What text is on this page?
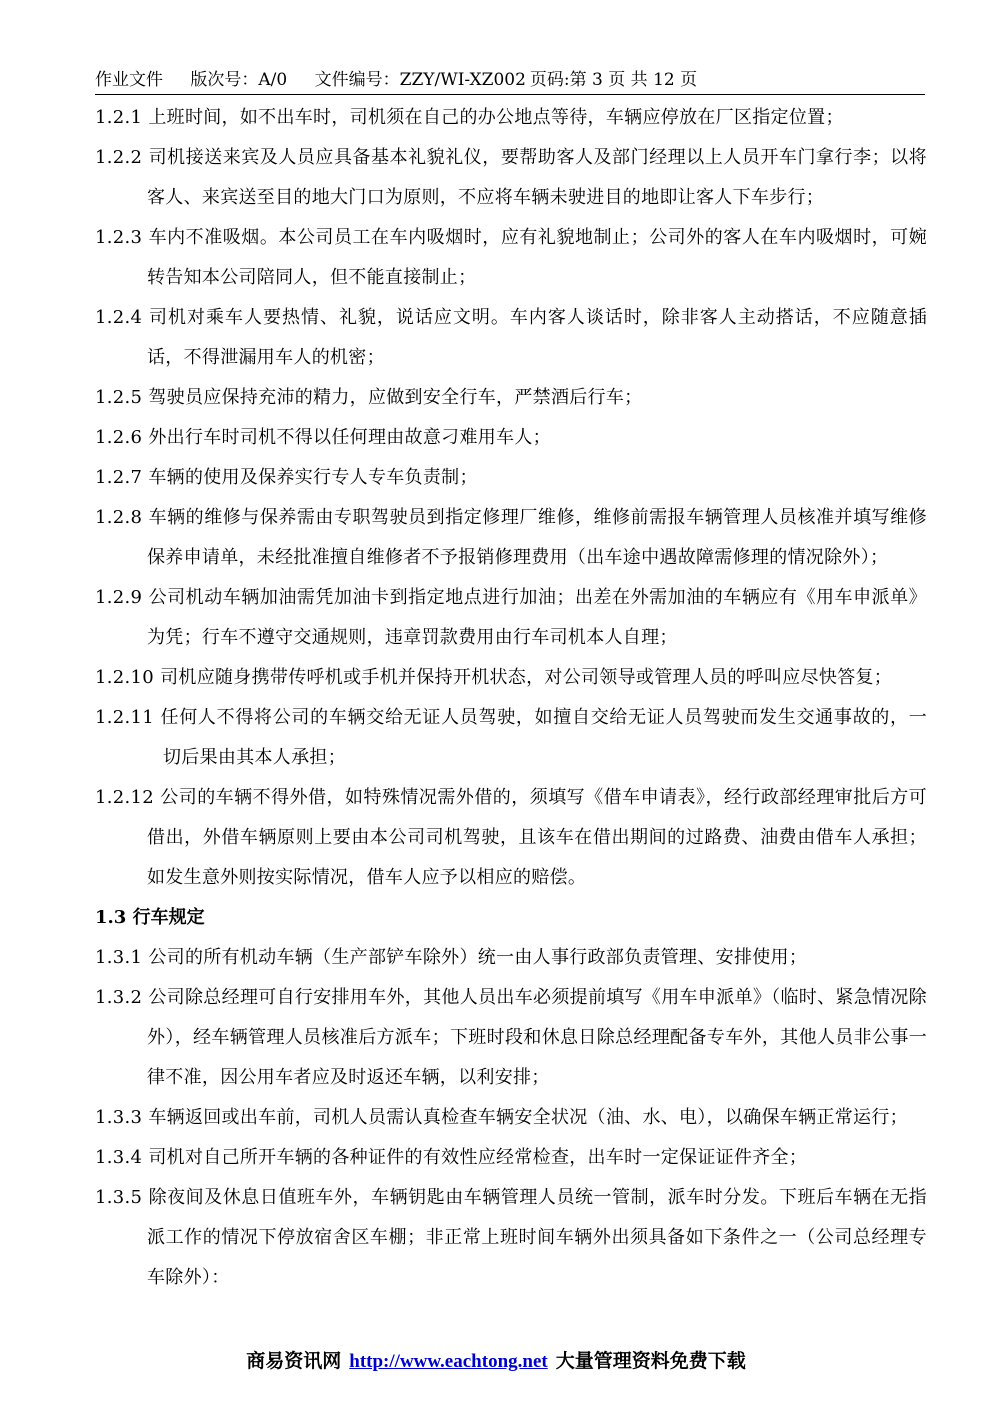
作业文件 版次号：A/0 文件编号：ZZY/WI-XZ002 页码:第 3 页 共 12 页
1.2.1 上班时间，如不出车时，司机须在自己的办公地点等待，车辆应停放在厂区指定位置；
1.2.2 司机接送来宾及人员应具备基本礼貌礼仪，要帮助客人及部门经理以上人员开车门拿行李；以将客人、来宾送至目的地大门口为原则，不应将车辆未驶进目的地即让客人下车步行；
1.2.3 车内不准吸烟。本公司员工在车内吸烟时，应有礼貌地制止；公司外的客人在车内吸烟时，可婉转告知本公司陪同人，但不能直接制止；
1.2.4 司机对乘车人要热情、礼貌，说话应文明。车内客人谈话时，除非客人主动搭话，不应随意插话，不得泄漏用车人的机密；
1.2.5 驾驶员应保持充沛的精力，应做到安全行车，严禁酒后行车；
1.2.6 外出行车时司机不得以任何理由故意刁难用车人；
1.2.7 车辆的使用及保养实行专人专车负责制；
1.2.8 车辆的维修与保养需由专职驾驶员到指定修理厂维修，维修前需报车辆管理人员核准并填写维修保养申请单，未经批准擅自维修者不予报销修理费用（出车途中遇故障需修理的情况除外）；
1.2.9 公司机动车辆加油需凭加油卡到指定地点进行加油；出差在外需加油的车辆应有《用车申派单》为凭；行车不遵守交通规则，违章罚款费用由行车司机本人自理；
1.2.10 司机应随身携带传呼机或手机并保持开机状态，对公司领导或管理人员的呼叫应尽快答复；
1.2.11 任何人不得将公司的车辆交给无证人员驾驶，如擅自交给无证人员驾驶而发生交通事故的，一切后果由其本人承担；
1.2.12 公司的车辆不得外借，如特殊情况需外借的，须填写《借车申请表》，经行政部经理审批后方可借出，外借车辆原则上要由本公司司机驾驶，且该车在借出期间的过路费、油费由借车人承担；如发生意外则按实际情况，借车人应予以相应的赔偿。
1.3 行车规定
1.3.1 公司的所有机动车辆（生产部铲车除外）统一由人事行政部负责管理、安排使用；
1.3.2 公司除总经理可自行安排用车外，其他人员出车必须提前填写《用车申派单》（临时、紧急情况除外），经车辆管理人员核准后方派车；下班时段和休息日除总经理配备专车外，其他人员非公事一律不准，因公用车者应及时返还车辆，以利安排；
1.3.3 车辆返回或出车前，司机人员需认真检查车辆安全状况（油、水、电），以确保车辆正常运行；
1.3.4 司机对自己所开车辆的各种证件的有效性应经常检查，出车时一定保证证件齐全；
1.3.5 除夜间及休息日值班车外，车辆钥匙由车辆管理人员统一管制，派车时分发。下班后车辆在无指派工作的情况下停放宿舍区车棚；非正常上班时间车辆外出须具备如下条件之一（公司总经理专车除外）：
商易资讯网 http://www.eachtong.net 大量管理资料免费下载
